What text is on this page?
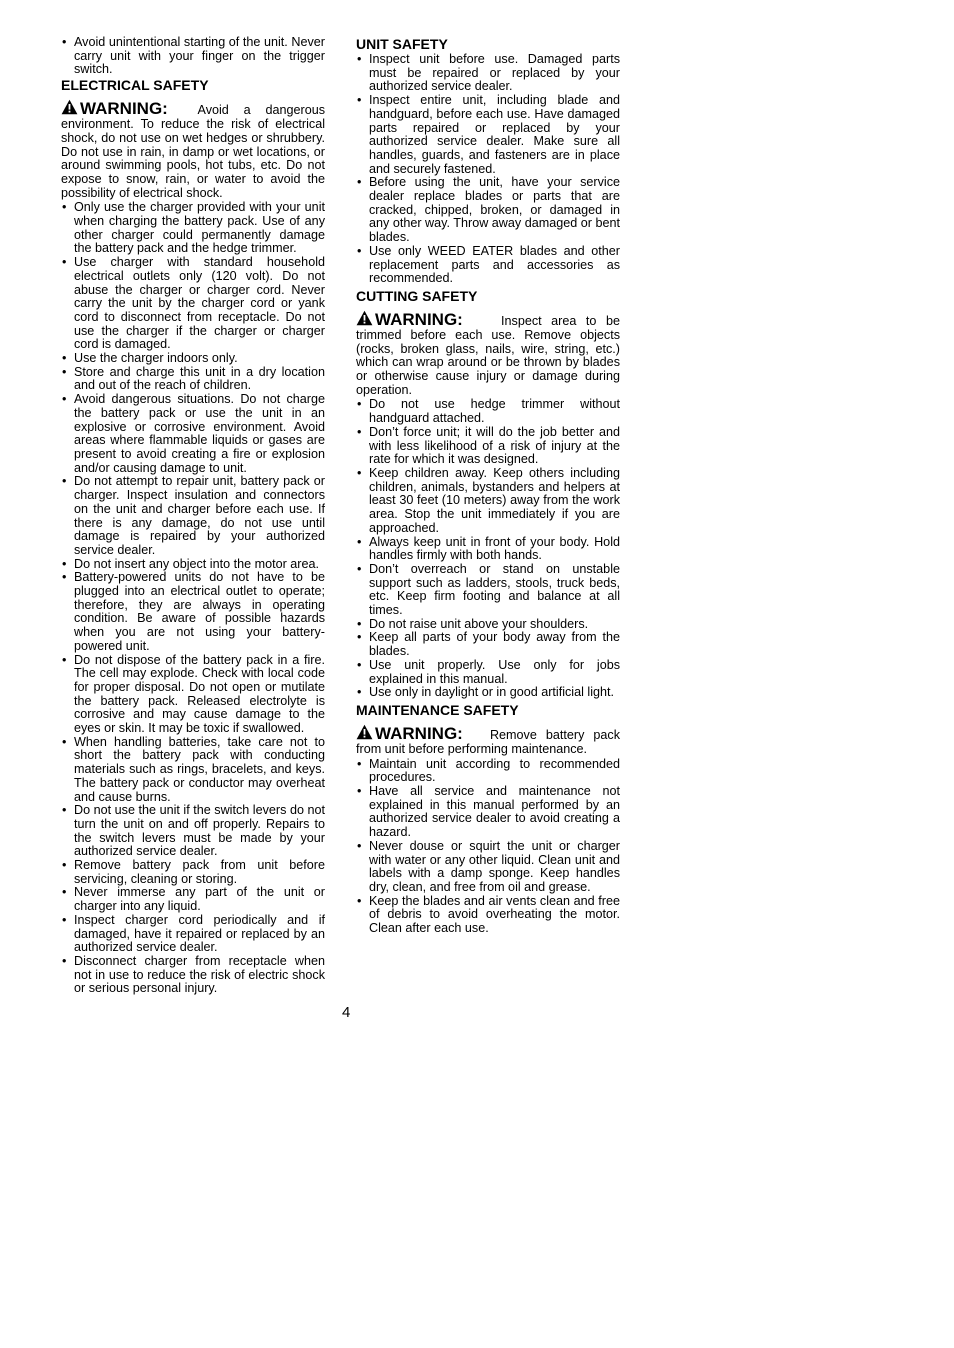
• Avoid unintentional starting of the unit. Never carry unit with your finger on the trigger switch.
ELECTRICAL SAFETY
WARNING: Avoid a dangerous environment. To reduce the risk of electrical shock, do not use on wet hedges or shrubbery. Do not use in rain, in damp or wet locations, or around swimming pools, hot tubs, etc. Do not expose to snow, rain, or water to avoid the possibility of electrical shock.
• Only use the charger provided with your unit when charging the battery pack. Use of any other charger could permanently damage the battery pack and the hedge trimmer.
• Use charger with standard household electrical outlets only (120 volt). Do not abuse the charger or charger cord. Never carry the unit by the charger cord or yank cord to disconnect from receptacle. Do not use the charger if the charger or charger cord is damaged.
• Use the charger indoors only.
• Store and charge this unit in a dry location and out of the reach of children.
• Avoid dangerous situations. Do not charge the battery pack or use the unit in an explosive or corrosive environment. Avoid areas where flammable liquids or gases are present to avoid creating a fire or explosion and/or causing damage to unit.
• Do not attempt to repair unit, battery pack or charger. Inspect insulation and connectors on the unit and charger before each use. If there is any damage, do not use until damage is repaired by your authorized service dealer.
• Do not insert any object into the motor area.
• Battery-powered units do not have to be plugged into an electrical outlet to operate; therefore, they are always in operating condition. Be aware of possible hazards when you are not using your battery-powered unit.
• Do not dispose of the battery pack in a fire. The cell may explode. Check with local code for proper disposal. Do not open or mutilate the battery pack. Released electrolyte is corrosive and may cause damage to the eyes or skin. It may be toxic if swallowed.
• When handling batteries, take care not to short the battery pack with conducting materials such as rings, bracelets, and keys. The battery pack or conductor may overheat and cause burns.
• Do not use the unit if the switch levers do not turn the unit on and off properly. Repairs to the switch levers must be made by your authorized service dealer.
• Remove battery pack from unit before servicing, cleaning or storing.
• Never immerse any part of the unit or charger into any liquid.
• Inspect charger cord periodically and if damaged, have it repaired or replaced by an authorized service dealer.
• Disconnect charger from receptacle when not in use to reduce the risk of electric shock or serious personal injury.
UNIT SAFETY
• Inspect unit before use. Damaged parts must be repaired or replaced by your authorized service dealer.
• Inspect entire unit, including blade and handguard, before each use. Have damaged parts repaired or replaced by your authorized service dealer. Make sure all handles, guards, and fasteners are in place and securely fastened.
• Before using the unit, have your service dealer replace blades or parts that are cracked, chipped, broken, or damaged in any other way. Throw away damaged or bent blades.
• Use only WEED EATER blades and other replacement parts and accessories as recommended.
CUTTING SAFETY
WARNING:	Inspect area to be trimmed before each use. Remove objects (rocks, broken glass, nails, wire, string, etc.) which can wrap around or be thrown by blades or otherwise cause injury or damage during operation.
• Do not use hedge trimmer without handguard attached.
• Don’t force unit; it will do the job better and with less likelihood of a risk of injury at the rate for which it was designed.
• Keep children away. Keep others including children, animals, bystanders and helpers at least 30 feet (10 meters) away from the work area. Stop the unit immediately if you are approached.
• Always keep unit in front of your body. Hold handles firmly with both hands.
• Don’t overreach or stand on unstable support such as ladders, stools, truck beds, etc. Keep firm footing and balance at all times.
• Do not raise unit above your shoulders.
• Keep all parts of your body away from the blades.
• Use unit properly. Use only for jobs explained in this manual.
• Use only in daylight or in good artificial light.
MAINTENANCE SAFETY
WARNING: Remove battery pack from unit before performing maintenance.
• Maintain unit according to recommended procedures.
• Have all service and maintenance not explained in this manual performed by an authorized service dealer to avoid creating a hazard.
• Never douse or squirt the unit or charger with water or any other liquid. Clean unit and labels with a damp sponge. Keep handles dry, clean, and free from oil and grease.
• Keep the blades and air vents clean and free of debris to avoid overheating the motor. Clean after each use.
4
